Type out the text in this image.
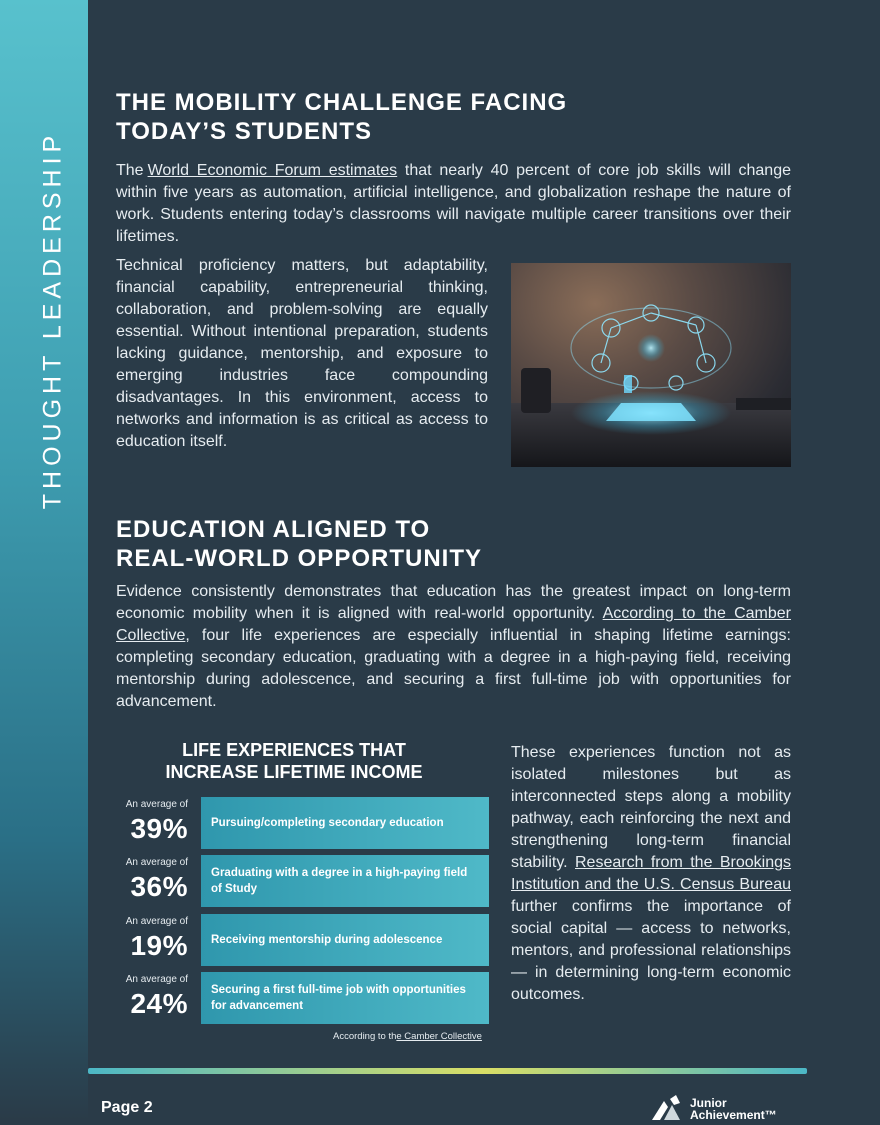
THOUGHT LEADERSHIP
THE MOBILITY CHALLENGE FACING
TODAY’S STUDENTS

The World Economic Forum estimates that nearly 40 percent of core job skills will change within five years as automation, artificial intelligence, and globalization reshape the nature of work. Students entering today’s classrooms will navigate multiple career transitions over their lifetimes.

Technical proficiency matters, but adaptability, financial capability, entrepreneurial thinking, collaboration, and problem-solving are equally essential. Without intentional preparation, students lacking guidance, mentorship, and exposure to emerging industries face compounding disadvantages. In this environment, access to networks and information is as critical as access to education itself.

EDUCATION ALIGNED TO
REAL-WORLD OPPORTUNITY

Evidence consistently demonstrates that education has the greatest impact on long-term economic mobility when it is aligned with real-world opportunity. According to the Camber Collective, four life experiences are especially influential in shaping lifetime earnings: completing secondary education, graduating with a degree in a high-paying field, receiving mentorship during adolescence, and securing a first full-time job with opportunities for advancement.

LIFE EXPERIENCES THAT
INCREASE LIFETIME INCOME
An average of
39% Pursuing/completing secondary education
An average of
36% Graduating with a degree in a high-paying field of Study
An average of
19% Receiving mentorship during adolescence
An average of
24% Securing a first full-time job with opportunities for advancement
According to the Camber Collective

These experiences function not as isolated milestones but as interconnected steps along a mobility pathway, each reinforcing the next and strengthening long-term financial stability. Research from the Brookings Institution and the U.S. Census Bureau further confirms the importance of social capital — access to networks, mentors, and professional relationships — in determining long-term economic outcomes.

Page 2	Junior
Achievement™
